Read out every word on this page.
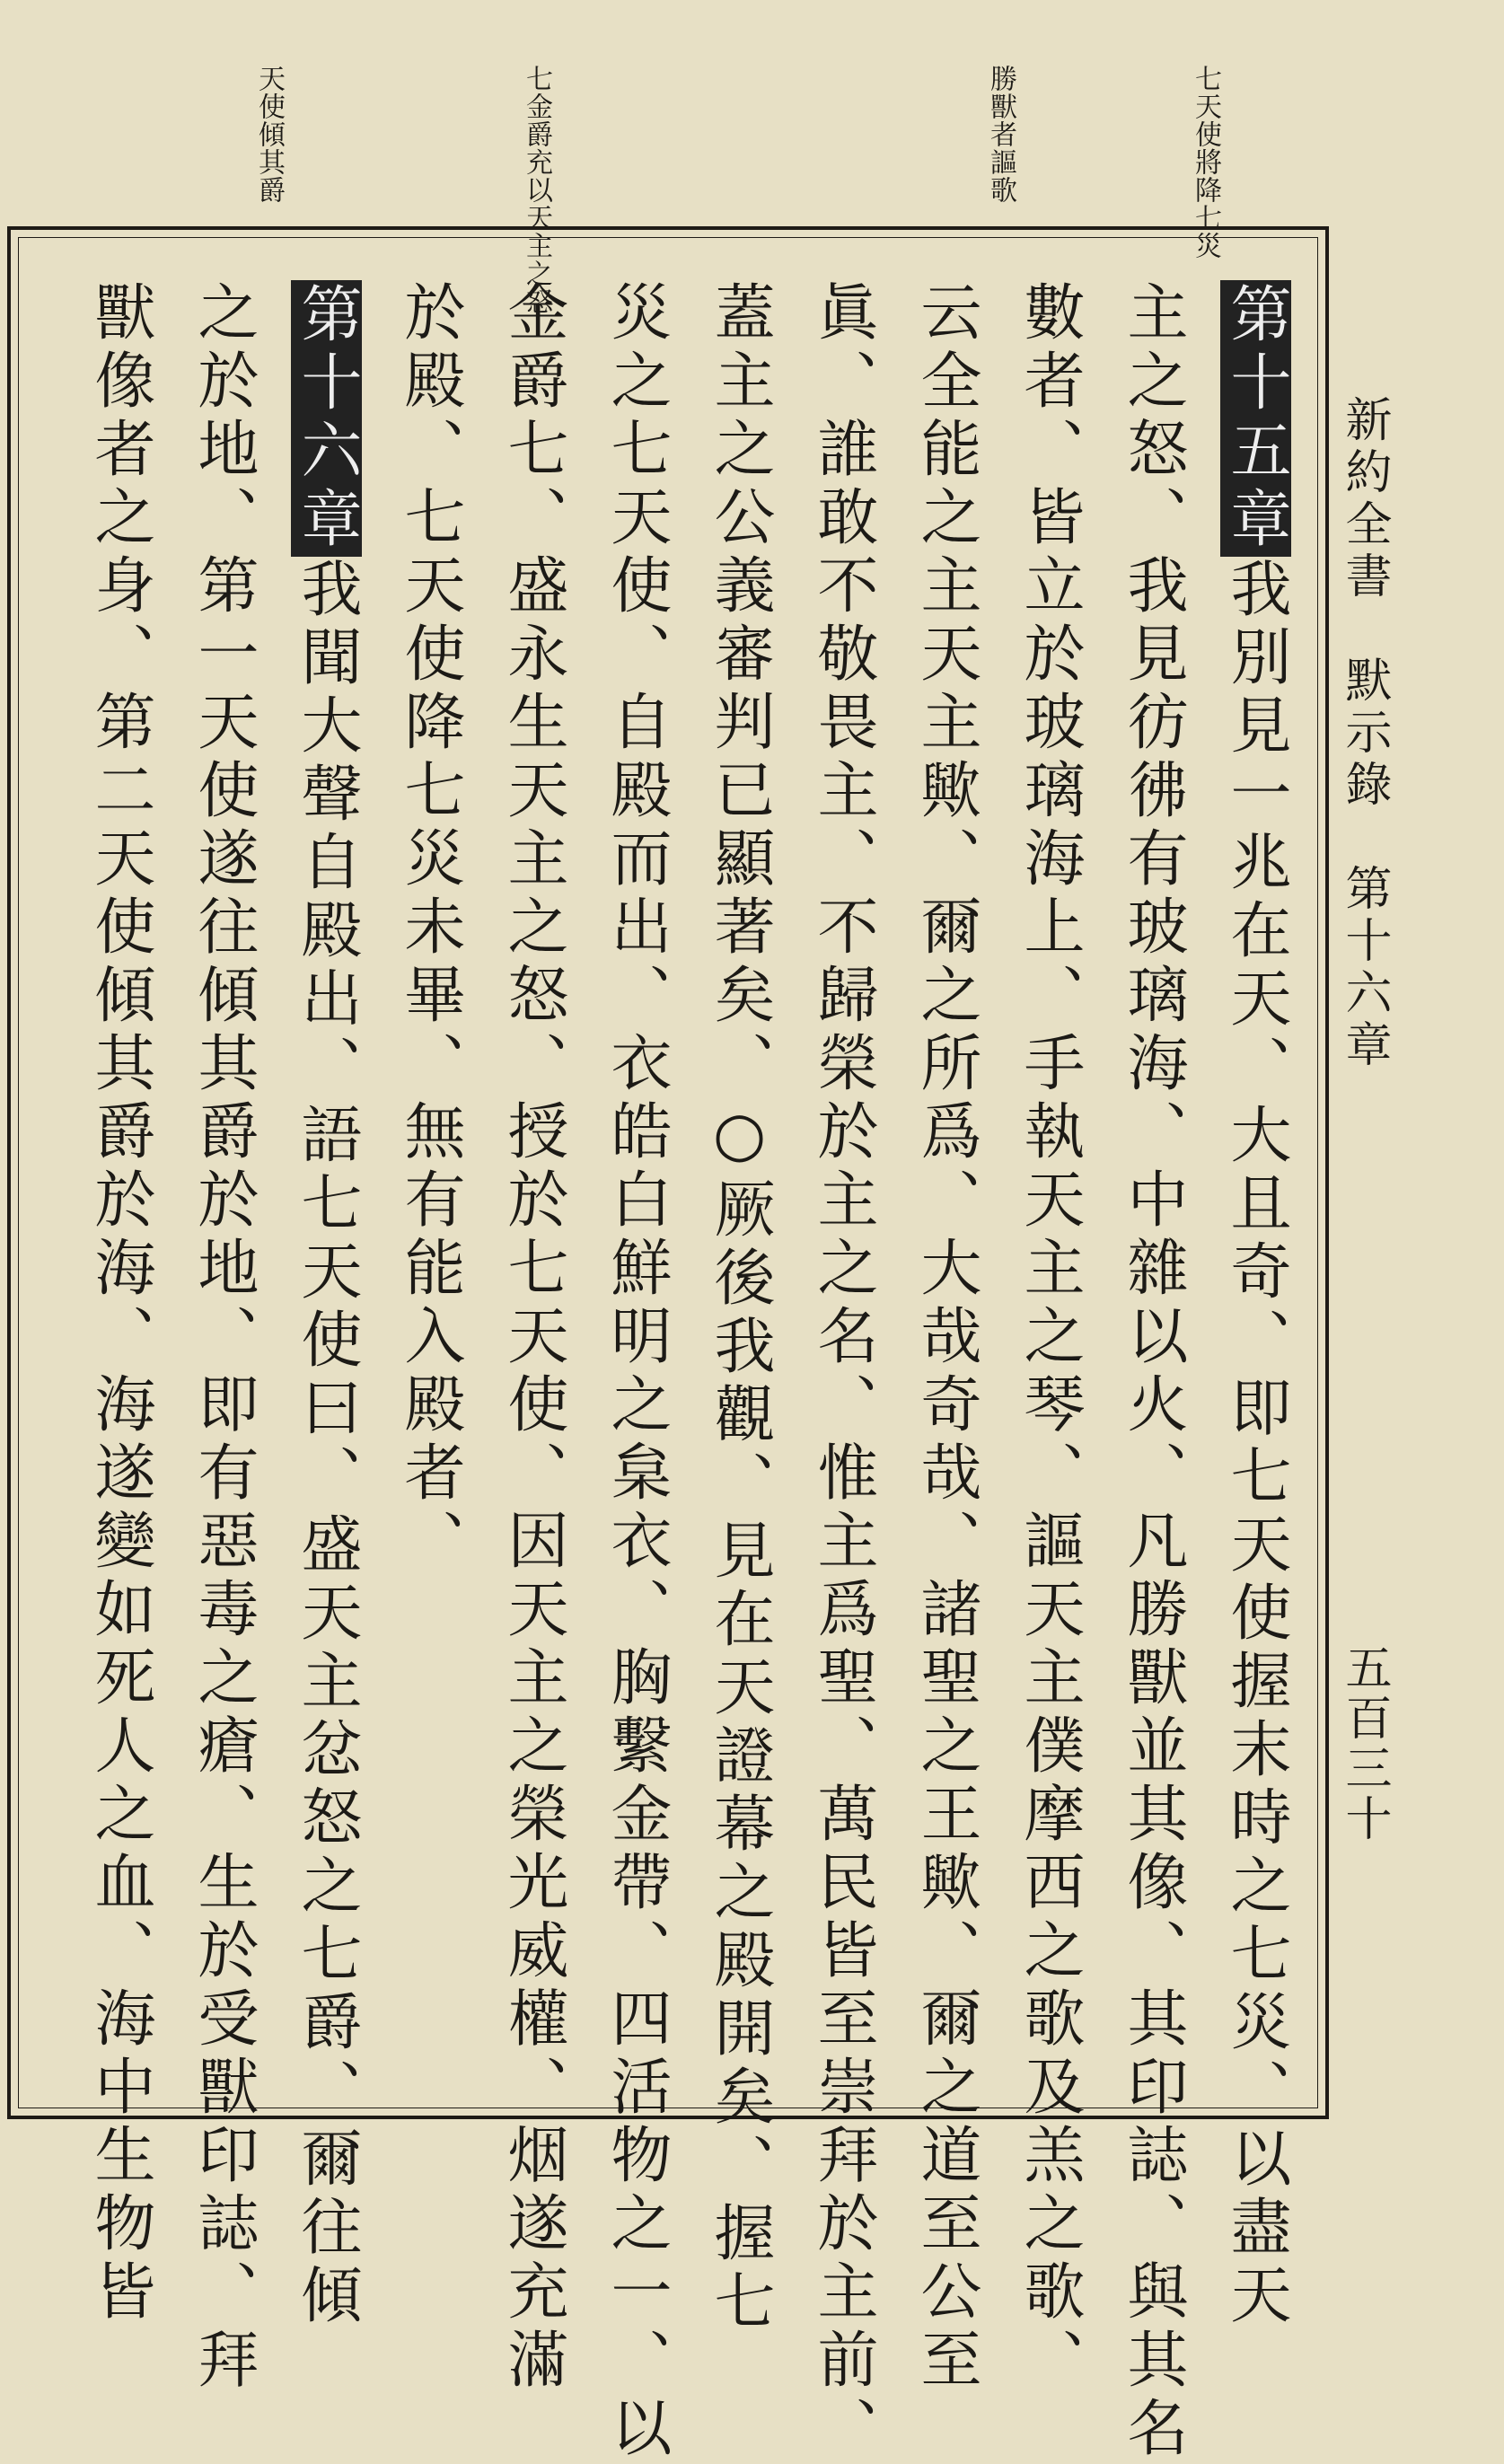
新約全書　默示錄　第十六章
五百三十
七天使將降七災
勝獸者謳歌
七金爵充以天主之怒
天使傾其爵
第十五章我別見一兆在天、大且奇、即七天使握末時之七災、以盡天
主之怒、我見彷彿有玻璃海、中雜以火、凡勝獸並其像、其印誌、與其名
數者、皆立於玻璃海上、手執天主之琴、謳天主僕摩西之歌及羔之歌、
云全能之主天主歟、爾之所爲、大哉奇哉、諸聖之王歟、爾之道至公至
眞、誰敢不敬畏主、不歸榮於主之名、惟主爲聖、萬民皆至崇拜於主前、
蓋主之公義審判已顯著矣、○厥後我觀、見在天證幕之殿開矣、握七
災之七天使、自殿而出、衣皓白鮮明之枲衣、胸繫金帶、四活物之一、以
金爵七、盛永生天主之怒、授於七天使、因天主之榮光威權、烟遂充滿
於殿、七天使降七災未畢、無有能入殿者、
第十六章我聞大聲自殿出、語七天使曰、盛天主忿怒之七爵、爾往傾
之於地、第一天使遂往傾其爵於地、即有惡毒之瘡、生於受獸印誌、拜
獸像者之身、第二天使傾其爵於海、海遂變如死人之血、海中生物皆
